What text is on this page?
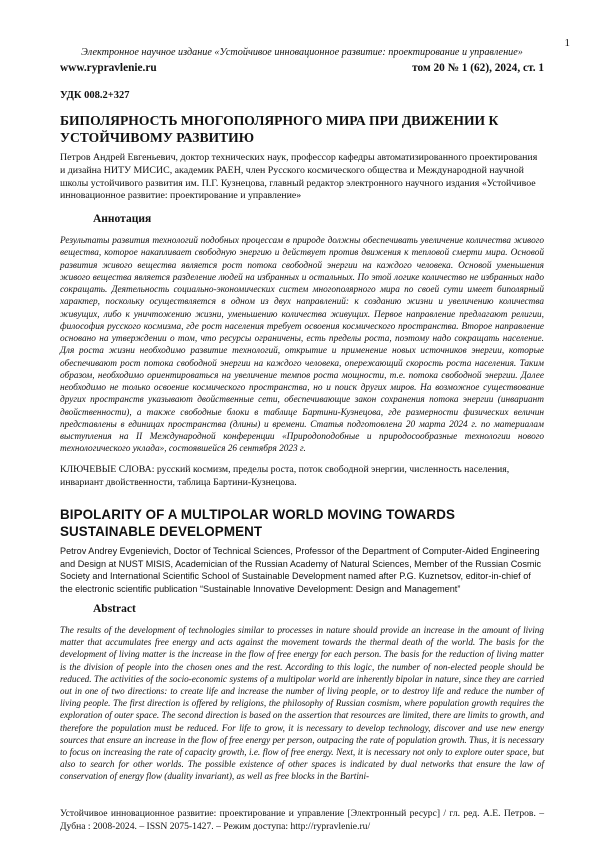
1
Электронное научное издание «Устойчивое инновационное развитие: проектирование и управление»
www.rypravlenie.ru	том 20 № 1 (62), 2024, ст. 1
УДК 008.2+327
БИПОЛЯРНОСТЬ МНОГОПОЛЯРНОГО МИРА ПРИ ДВИЖЕНИИ К УСТОЙЧИВОМУ РАЗВИТИЮ

Петров Андрей Евгеньевич, доктор технических наук, профессор кафедры автоматизированного проектирования и дизайна НИТУ МИСИС, академик РАЕН, член Русского космического общества и Международной научной школы устойчивого развития им. П.Г. Кузнецова, главный редактор электронного научного издания «Устойчивое инновационное развитие: проектирование и управление»

Аннотация

Результаты развития технологий подобных процессам в природе должны обеспечивать увеличение количества живого вещества, которое накапливает свободную энергию и действует против движения к тепловой смерти мира. Основой развития живого вещества является рост потока свободной энергии на каждого человека. Основой уменьшения живого вещества является разделение людей на избранных и остальных. По этой логике количество не избранных надо сокращать. Деятельность социально-экономических систем многополярного мира по своей сути имеет биполярный характер, поскольку осуществляется в одном из двух направлений: к созданию жизни и увеличению количества живущих, либо к уничтожению жизни, уменьшению количества живущих. Первое направление предлагают религии, философия русского космизма, где рост населения требует освоения космического пространства. Второе направление основано на утверждении о том, что ресурсы ограничены, есть пределы роста, поэтому надо сокращать население. Для роста жизни необходимо развитие технологий, открытие и применение новых источников энергии, которые обеспечивают рост потока свободной энергии на каждого человека, опережающий скорость роста населения. Таким образом, необходимо ориентироваться на увеличение темпов роста мощности, т.е. потока свободной энергии. Далее необходимо не только освоение космического пространства, но и поиск других миров. На возможное существование других пространств указывают двойственные сети, обеспечивающие закон сохранения потока энергии (инвариант двойственности), а также свободные блоки в таблице Бартини-Кузнецова, где размерности физических величин представлены в единицах пространства (длины) и времени. Статья подготовлена 20 марта 2024 г. по материалам выступления на II Международной конференции «Природоподобные и природосообразные технологии нового технологического уклада», состоявшейся 26 сентября 2023 г.

КЛЮЧЕВЫЕ СЛОВА: русский космизм, пределы роста, поток свободной энергии, численность населения, инвариант двойственности, таблица Бартини-Кузнецова.

BIPOLARITY OF A MULTIPOLAR WORLD MOVING TOWARDS SUSTAINABLE DEVELOPMENT

Petrov Andrey Evgenievich, Doctor of Technical Sciences, Professor of the Department of Computer-Aided Engineering and Design at NUST MISIS, Academician of the Russian Academy of Natural Sciences, Member of the Russian Cosmic Society and International Scientific School of Sustainable Development named after P.G. Kuznetsov, editor-in-chief of the electronic scientific publication “Sustainable Innovative Development: Design and Management”

Abstract

The results of the development of technologies similar to processes in nature should provide an increase in the amount of living matter that accumulates free energy and acts against the movement towards the thermal death of the world. The basis for the development of living matter is the increase in the flow of free energy for each person. The basis for the reduction of living matter is the division of people into the chosen ones and the rest. According to this logic, the number of non-elected people should be reduced. The activities of the socio-economic systems of a multipolar world are inherently bipolar in nature, since they are carried out in one of two directions: to create life and increase the number of living people, or to destroy life and reduce the number of living people. The first direction is offered by religions, the philosophy of Russian cosmism, where population growth requires the exploration of outer space. The second direction is based on the assertion that resources are limited, there are limits to growth, and therefore the population must be reduced. For life to grow, it is necessary to develop technology, discover and use new energy sources that ensure an increase in the flow of free energy per person, outpacing the rate of population growth. Thus, it is necessary to focus on increasing the rate of capacity growth, i.e. flow of free energy. Next, it is necessary not only to explore outer space, but also to search for other worlds. The possible existence of other spaces is indicated by dual networks that ensure the law of conservation of energy flow (duality invariant), as well as free blocks in the Bartini-

Устойчивое инновационное развитие: проектирование и управление [Электронный ресурс] / гл. ред. А.Е. Петров. – Дубна : 2008-2024. – ISSN 2075-1427. – Режим доступа: http://rypravlenie.ru/
